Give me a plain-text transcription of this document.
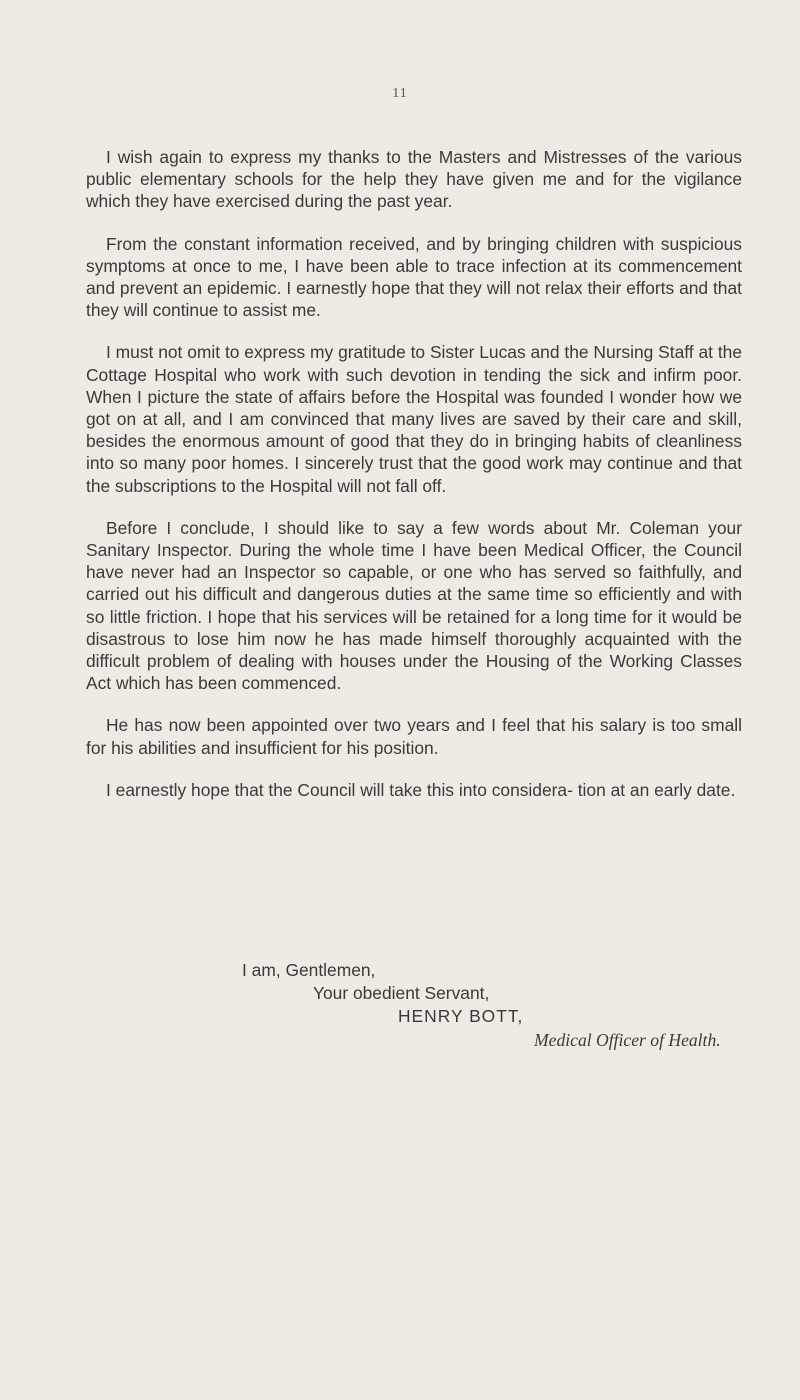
11

I wish again to express my thanks to the Masters and Mistresses of the various public elementary schools for the help they have given me and for the vigilance which they have exercised during the past year.

From the constant information received, and by bringing children with suspicious symptoms at once to me, I have been able to trace infection at its commencement and prevent an epidemic. I earnestly hope that they will not relax their efforts and that they will continue to assist me.

I must not omit to express my gratitude to Sister Lucas and the Nursing Staff at the Cottage Hospital who work with such devotion in tending the sick and infirm poor. When I picture the state of affairs before the Hospital was founded I wonder how we got on at all, and I am convinced that many lives are saved by their care and skill, besides the enormous amount of good that they do in bringing habits of cleanliness into so many poor homes. I sincerely trust that the good work may continue and that the subscriptions to the Hospital will not fall off.

Before I conclude, I should like to say a few words about Mr. Coleman your Sanitary Inspector. During the whole time I have been Medical Officer, the Council have never had an Inspector so capable, or one who has served so faithfully, and carried out his difficult and dangerous duties at the same time so efficiently and with so little friction. I hope that his services will be retained for a long time for it would be disastrous to lose him now he has made himself thoroughly acquainted with the difficult problem of dealing with houses under the Housing of the Working Classes Act which has been commenced.

He has now been appointed over two years and I feel that his salary is too small for his abilities and insufficient for his position.

I earnestly hope that the Council will take this into considera- tion at an early date.

I am, Gentlemen,
Your obedient Servant,
HENRY BOTT,
Medical Officer of Health.
